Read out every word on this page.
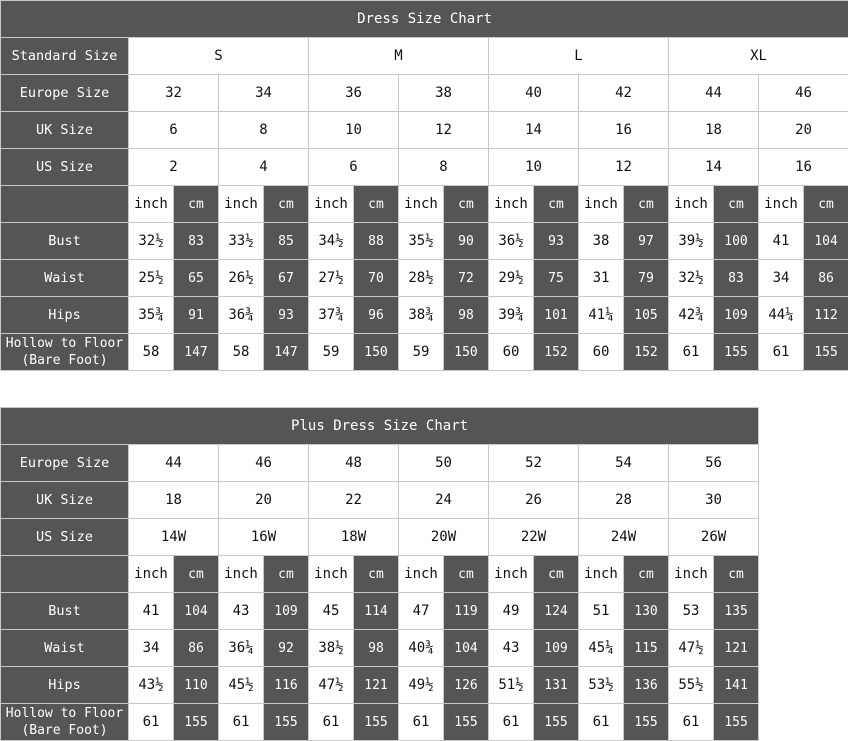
Dress Size Chart																
Standard Size	S				M				L				XL			
Europe Size	32		34		36		38		40		42		44		46	
UK Size	6		8		10		12		14		16		18		20	
US Size	2		4		6		8		10		12		14		16	
	inch	cm	inch	cm	inch	cm	inch	cm	inch	cm	inch	cm	inch	cm	inch	cm
Bust	32½	83	33½	85	34½	88	35½	90	36½	93	38	97	39½	100	41	104
Waist	25½	65	26½	67	27½	70	28½	72	29½	75	31	79	32½	83	34	86
Hips	35¾	91	36¾	93	37¾	96	38¾	98	39¾	101	41¼	105	42¾	109	44¼	112

Hollow to Floor
(Bare Foot)	58	147	58	147	59	150	59	150	60	152	60	152	61	155	61	155
Plus Dress Size Chart														
Europe Size	44		46		48		50		52		54		56	
UK Size	18		20		22		24		26		28		30	
US Size	14W		16W		18W		20W		22W		24W		26W	
	inch	cm	inch	cm	inch	cm	inch	cm	inch	cm	inch	cm	inch	cm
Bust	41	104	43	109	45	114	47	119	49	124	51	130	53	135
Waist	34	86	36¼	92	38½	98	40¾	104	43	109	45¼	115	47½	121
Hips	43½	110	45½	116	47½	121	49½	126	51½	131	53½	136	55½	141

Hollow to Floor
(Bare Foot)	61	155	61	155	61	155	61	155	61	155	61	155	61	155
